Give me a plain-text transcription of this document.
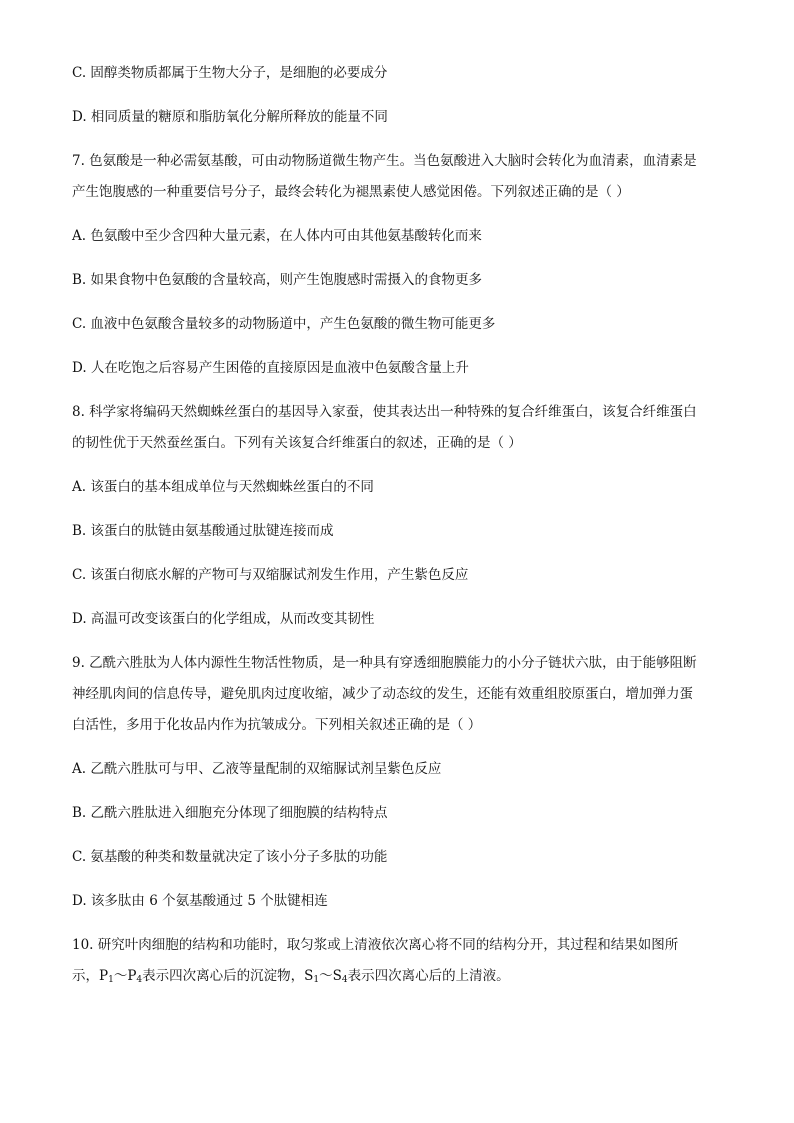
C. 固醇类物质都属于生物大分子，是细胞的必要成分
D. 相同质量的糖原和脂肪氧化分解所释放的能量不同
7. 色氨酸是一种必需氨基酸，可由动物肠道微生物产生。当色氨酸进入大脑时会转化为血清素，血清素是
产生饱腹感的一种重要信号分子，最终会转化为褪黑素使人感觉困倦。下列叙述正确的是（ ）
A. 色氨酸中至少含四种大量元素，在人体内可由其他氨基酸转化而来
B. 如果食物中色氨酸的含量较高，则产生饱腹感时需摄入的食物更多
C. 血液中色氨酸含量较多的动物肠道中，产生色氨酸的微生物可能更多
D. 人在吃饱之后容易产生困倦的直接原因是血液中色氨酸含量上升
8. 科学家将编码天然蜘蛛丝蛋白的基因导入家蚕，使其表达出一种特殊的复合纤维蛋白，该复合纤维蛋白
的韧性优于天然蚕丝蛋白。下列有关该复合纤维蛋白的叙述，正确的是（ ）
A. 该蛋白的基本组成单位与天然蜘蛛丝蛋白的不同
B. 该蛋白的肽链由氨基酸通过肽键连接而成
C. 该蛋白彻底水解的产物可与双缩脲试剂发生作用，产生紫色反应
D. 高温可改变该蛋白的化学组成，从而改变其韧性
9. 乙酰六胜肽为人体内源性生物活性物质，是一种具有穿透细胞膜能力的小分子链状六肽，由于能够阻断
神经肌肉间的信息传导，避免肌肉过度收缩，减少了动态纹的发生，还能有效重组胶原蛋白，增加弹力蛋
白活性，多用于化妆品内作为抗皱成分。下列相关叙述正确的是（ ）
A. 乙酰六胜肽可与甲、乙液等量配制的双缩脲试剂呈紫色反应
B. 乙酰六胜肽进入细胞充分体现了细胞膜的结构特点
C. 氨基酸的种类和数量就决定了该小分子多肽的功能
D. 该多肽由 6 个氨基酸通过 5 个肽键相连
10. 研究叶肉细胞的结构和功能时，取匀浆或上清液依次离心将不同的结构分开，其过程和结果如图所
示，$P_1\sim P_4$表示四次离心后的沉淀物，$S_1\sim S_4$表示四次离心后的上清液。
